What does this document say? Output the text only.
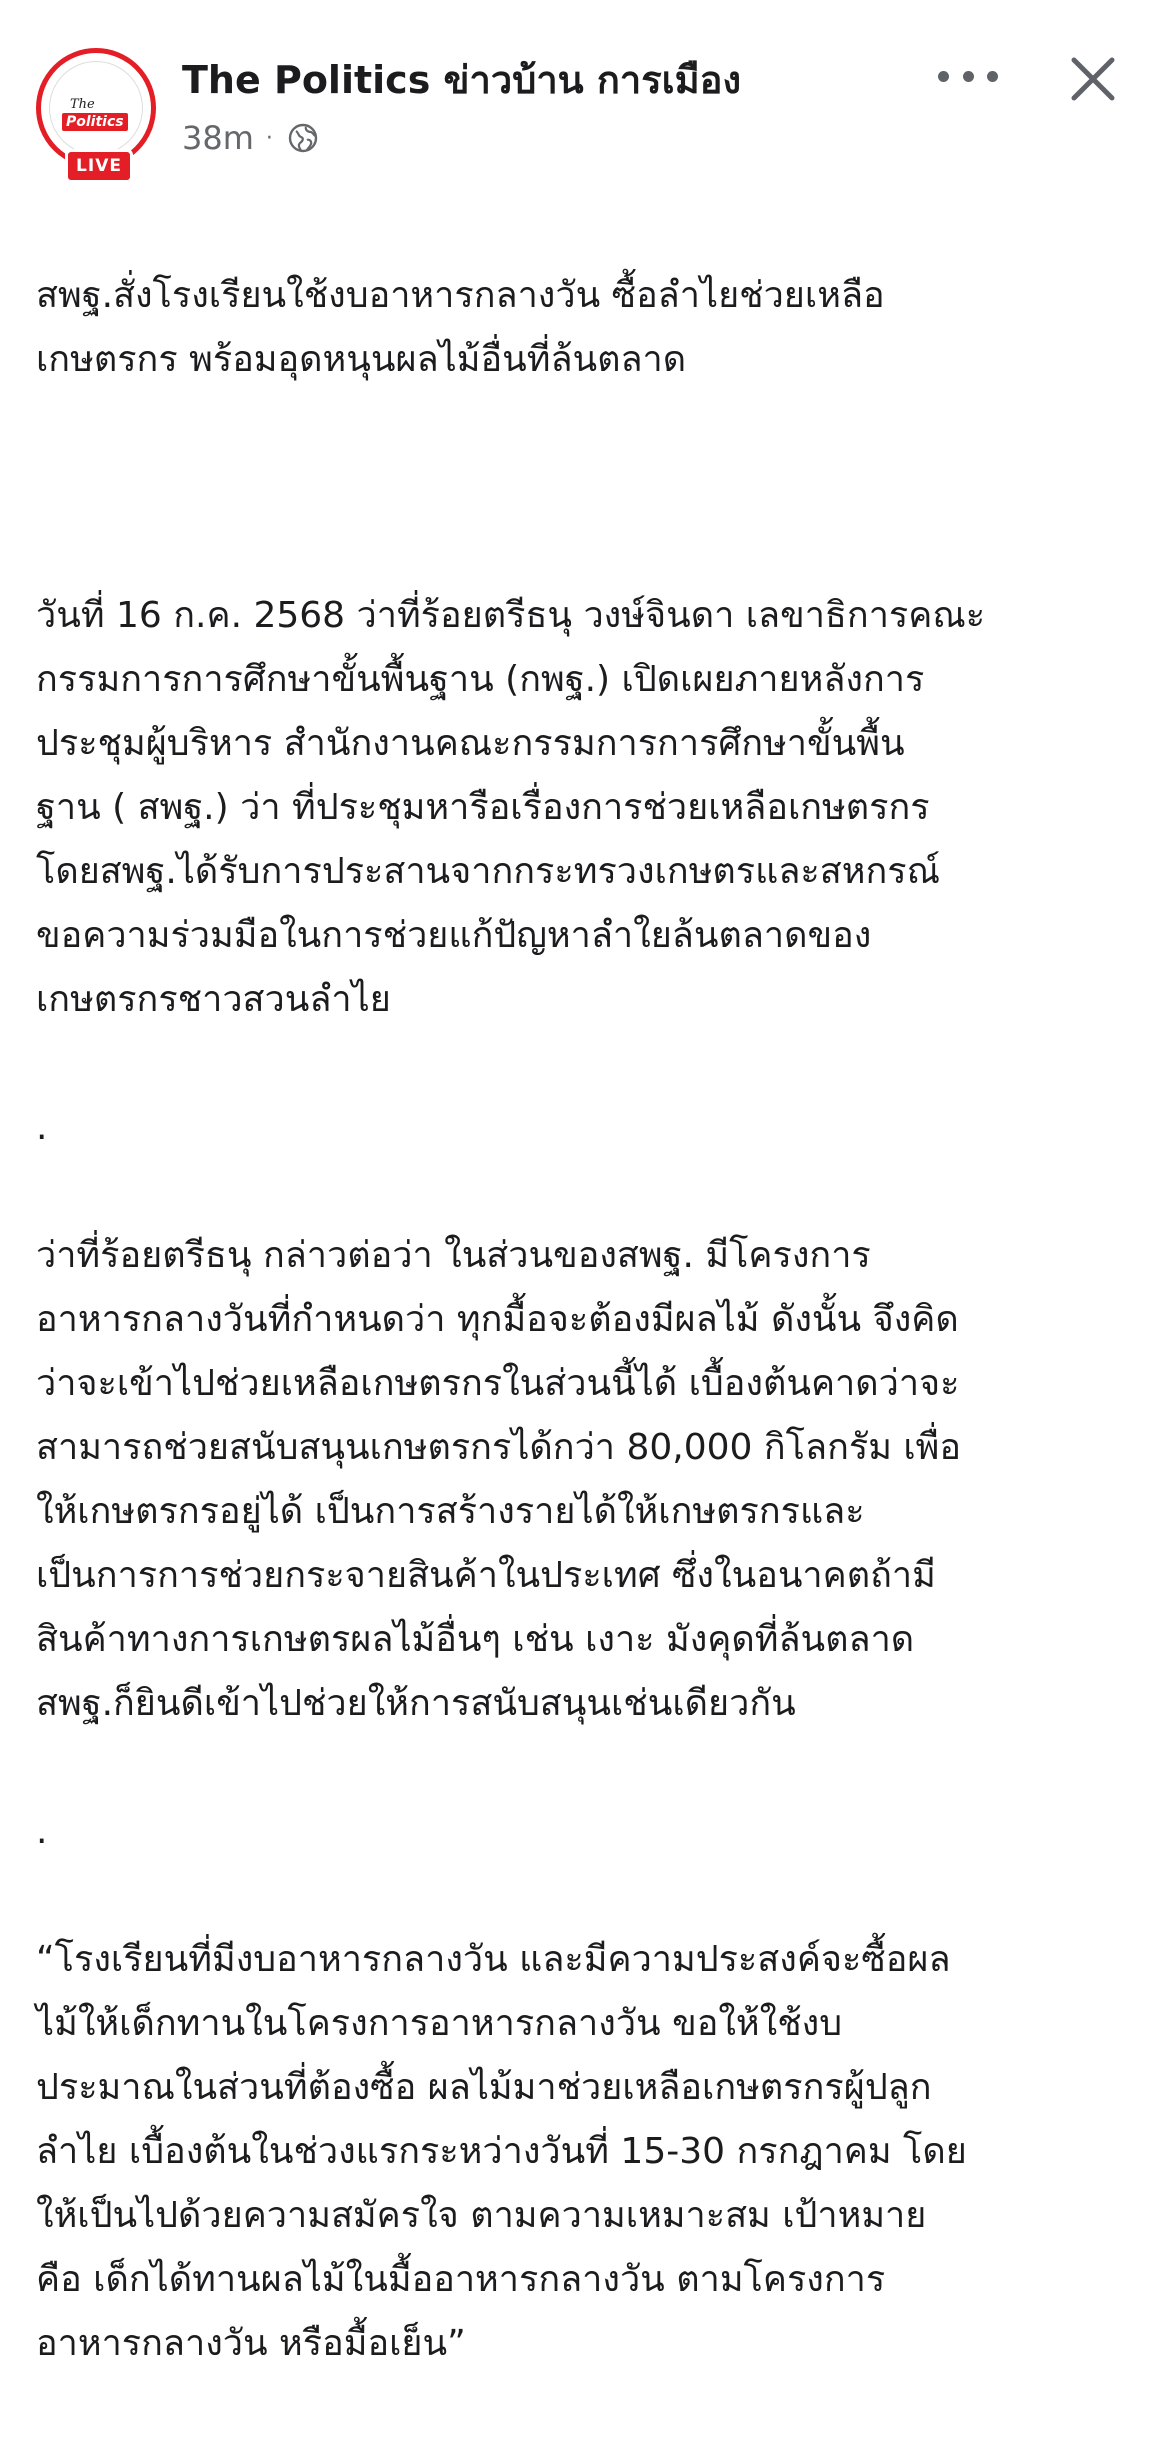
The
Politics
LIVE
The Politics ข่าวบ้าน การเมือง
38m ·

สพฐ.สั่งโรงเรียนใช้งบอาหารกลางวัน ซื้อลำไยช่วยเหลือ
เกษตรกร พร้อมอุดหนุนผลไม้อื่นที่ล้นตลาด

วันที่ 16 ก.ค. 2568 ว่าที่ร้อยตรีธนุ วงษ์จินดา เลขาธิการคณะ
กรรมการการศึกษาขั้นพื้นฐาน (กพฐ.) เปิดเผยภายหลังการ
ประชุมผู้บริหาร สำนักงานคณะกรรมการการศึกษาขั้นพื้น
ฐาน ( สพฐ.) ว่า ที่ประชุมหารือเรื่องการช่วยเหลือเกษตรกร
โดยสพฐ.ได้รับการประสานจากกระทรวงเกษตรและสหกรณ์
ขอความร่วมมือในการช่วยแก้ปัญหาลำใยล้นตลาดของ
เกษตรกรชาวสวนลำไย

.

ว่าที่ร้อยตรีธนุ กล่าวต่อว่า ในส่วนของสพฐ. มีโครงการ
อาหารกลางวันที่กำหนดว่า ทุกมื้อจะต้องมีผลไม้ ดังนั้น จึงคิด
ว่าจะเข้าไปช่วยเหลือเกษตรกรในส่วนนี้ได้ เบื้องต้นคาดว่าจะ
สามารถช่วยสนับสนุนเกษตรกรได้กว่า 80,000 กิโลกรัม เพื่อ
ให้เกษตรกรอยู่ได้ เป็นการสร้างรายได้ให้เกษตรกรและ
เป็นการการช่วยกระจายสินค้าในประเทศ ซึ่งในอนาคตถ้ามี
สินค้าทางการเกษตรผลไม้อื่นๆ เช่น เงาะ มังคุดที่ล้นตลาด
สพฐ.ก็ยินดีเข้าไปช่วยให้การสนับสนุนเช่นเดียวกัน

.

“โรงเรียนที่มีงบอาหารกลางวัน และมีความประสงค์จะซื้อผล
ไม้ให้เด็กทานในโครงการอาหารกลางวัน ขอให้ใช้งบ
ประมาณในส่วนที่ต้องซื้อ ผลไม้มาช่วยเหลือเกษตรกรผู้ปลูก
ลำไย เบื้องต้นในช่วงแรกระหว่างวันที่ 15-30 กรกฎาคม โดย
ให้เป็นไปด้วยความสมัครใจ ตามความเหมาะสม เป้าหมาย
คือ เด็กได้ทานผลไม้ในมื้ออาหารกลางวัน ตามโครงการ
อาหารกลางวัน หรือมื้อเย็น”
